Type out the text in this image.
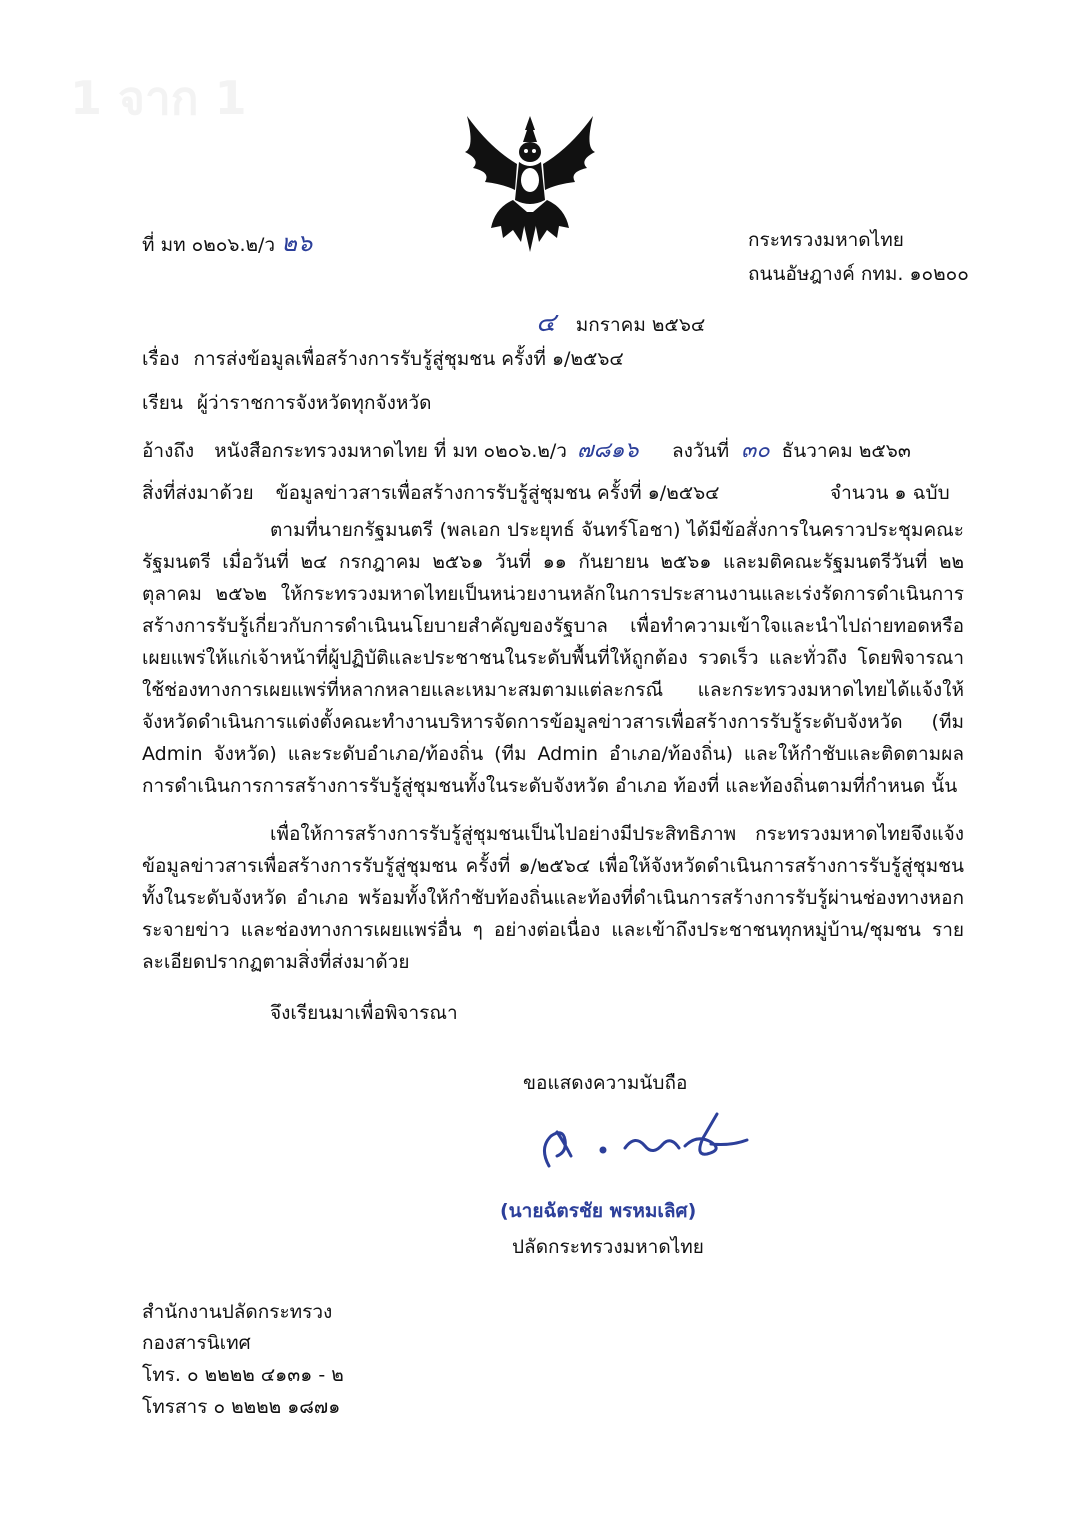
1 จาก 1
ที่ มท ๐๒๐๖.๒/ว ๒๖	กระทรวงมหาดไทย
ถนนอัษฎางค์ กทม. ๑๐๒๐๐
๔ มกราคม ๒๕๖๔
เรื่อง การส่งข้อมูลเพื่อสร้างการรับรู้สู่ชุมชน ครั้งที่ ๑/๒๕๖๔
เรียน ผู้ว่าราชการจังหวัดทุกจังหวัด
อ้างถึง หนังสือกระทรวงมหาดไทย ที่ มท ๐๒๐๖.๒/ว ๗๘๑๖ ลงวันที่ ๓๐ ธันวาคม ๒๕๖๓
สิ่งที่ส่งมาด้วย ข้อมูลข่าวสารเพื่อสร้างการรับรู้สู่ชุมชน ครั้งที่ ๑/๒๕๖๔	จำนวน ๑ ฉบับ
ตามที่นายกรัฐมนตรี (พลเอก ประยุทธ์ จันทร์โอชา) ได้มีข้อสั่งการในคราวประชุมคณะรัฐมนตรี เมื่อวันที่ ๒๔ กรกฎาคม ๒๕๖๑ วันที่ ๑๑ กันยายน ๒๕๖๑ และมติคณะรัฐมนตรีวันที่ ๒๒ ตุลาคม ๒๕๖๒ ให้กระทรวงมหาดไทยเป็นหน่วยงานหลักในการประสานงานและเร่งรัดการดำเนินการสร้างการรับรู้เกี่ยวกับการดำเนินนโยบายสำคัญของรัฐบาล เพื่อทำความเข้าใจและนำไปถ่ายทอดหรือเผยแพร่ให้แก่เจ้าหน้าที่ผู้ปฏิบัติและประชาชนในระดับพื้นที่ให้ถูกต้อง รวดเร็ว และทั่วถึง โดยพิจารณาใช้ช่องทางการเผยแพร่ที่หลากหลายและเหมาะสมตามแต่ละกรณี และกระทรวงมหาดไทยได้แจ้งให้จังหวัดดำเนินการแต่งตั้งคณะทำงานบริหารจัดการข้อมูลข่าวสารเพื่อสร้างการรับรู้ระดับจังหวัด (ทีม Admin จังหวัด) และระดับอำเภอ/ท้องถิ่น (ทีม Admin อำเภอ/ท้องถิ่น) และให้กำชับและติดตามผลการดำเนินการการสร้างการรับรู้สู่ชุมชนทั้งในระดับจังหวัด อำเภอ ท้องที่ และท้องถิ่นตามที่กำหนด นั้น
เพื่อให้การสร้างการรับรู้สู่ชุมชนเป็นไปอย่างมีประสิทธิภาพ กระทรวงมหาดไทยจึงแจ้งข้อมูลข่าวสารเพื่อสร้างการรับรู้สู่ชุมชน ครั้งที่ ๑/๒๕๖๔ เพื่อให้จังหวัดดำเนินการสร้างการรับรู้สู่ชุมชนทั้งในระดับจังหวัด อำเภอ พร้อมทั้งให้กำชับท้องถิ่นและท้องที่ดำเนินการสร้างการรับรู้ผ่านช่องทางหอกระจายข่าว และช่องทางการเผยแพร่อื่น ๆ อย่างต่อเนื่อง และเข้าถึงประชาชนทุกหมู่บ้าน/ชุมชน รายละเอียดปรากฏตามสิ่งที่ส่งมาด้วย
จึงเรียนมาเพื่อพิจารณา
ขอแสดงความนับถือ
(นายฉัตรชัย พรหมเลิศ)
ปลัดกระทรวงมหาดไทย
สำนักงานปลัดกระทรวง
กองสารนิเทศ
โทร. ๐ ๒๒๒๒ ๔๑๓๑ - ๒
โทรสาร ๐ ๒๒๒๒ ๑๘๗๑
